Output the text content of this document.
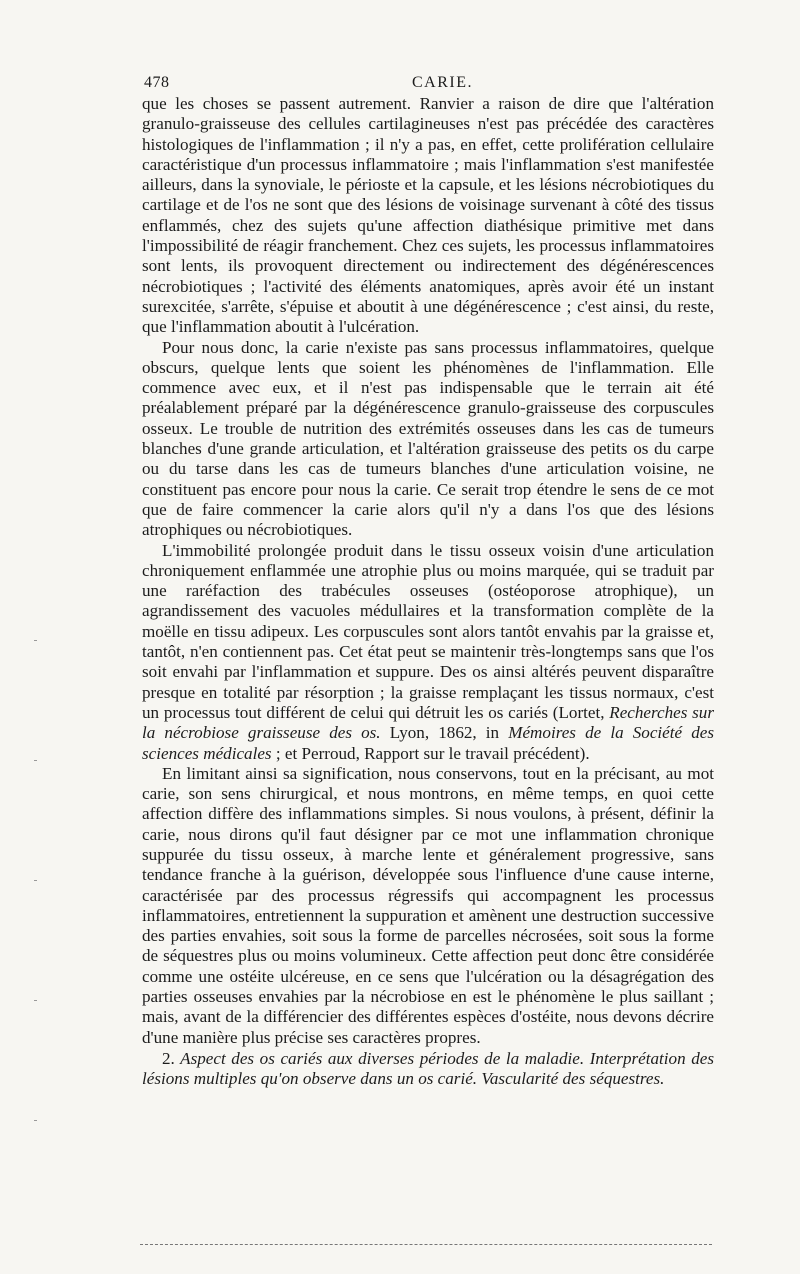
478	CARIE.

que les choses se passent autrement. Ranvier a raison de dire que l'altération granulo-graisseuse des cellules cartilagineuses n'est pas précédée des caractères histologiques de l'inflammation ; il n'y a pas, en effet, cette prolifération cellulaire caractéristique d'un processus inflammatoire ; mais l'inflammation s'est manifestée ailleurs, dans la synoviale, le périoste et la capsule, et les lésions nécrobiotiques du cartilage et de l'os ne sont que des lésions de voisinage survenant à côté des tissus enflammés, chez des sujets qu'une affection diathésique primitive met dans l'impossibilité de réagir franchement. Chez ces sujets, les processus inflammatoires sont lents, ils provoquent directement ou indirectement des dégénérescences nécrobiotiques ; l'activité des éléments anatomiques, après avoir été un instant surexcitée, s'arrête, s'épuise et aboutit à une dégénérescence ; c'est ainsi, du reste, que l'inflammation aboutit à l'ulcération.

Pour nous donc, la carie n'existe pas sans processus inflammatoires, quelque obscurs, quelque lents que soient les phénomènes de l'inflammation. Elle commence avec eux, et il n'est pas indispensable que le terrain ait été préalablement préparé par la dégénérescence granulo-graisseuse des corpuscules osseux. Le trouble de nutrition des extrémités osseuses dans les cas de tumeurs blanches d'une grande articulation, et l'altération graisseuse des petits os du carpe ou du tarse dans les cas de tumeurs blanches d'une articulation voisine, ne constituent pas encore pour nous la carie. Ce serait trop étendre le sens de ce mot que de faire commencer la carie alors qu'il n'y a dans l'os que des lésions atrophiques ou nécrobiotiques.

L'immobilité prolongée produit dans le tissu osseux voisin d'une articulation chroniquement enflammée une atrophie plus ou moins marquée, qui se traduit par une raréfaction des trabécules osseuses (ostéoporose atrophique), un agrandissement des vacuoles médullaires et la transformation complète de la moëlle en tissu adipeux. Les corpuscules sont alors tantôt envahis par la graisse et, tantôt, n'en contiennent pas. Cet état peut se maintenir très-longtemps sans que l'os soit envahi par l'inflammation et suppure. Des os ainsi altérés peuvent disparaître presque en totalité par résorption ; la graisse remplaçant les tissus normaux, c'est un processus tout différent de celui qui détruit les os cariés (Lortet, Recherches sur la nécrobiose graisseuse des os. Lyon, 1862, in Mémoires de la Société des sciences médicales ; et Perroud, Rapport sur le travail précédent).

En limitant ainsi sa signification, nous conservons, tout en la précisant, au mot carie, son sens chirurgical, et nous montrons, en même temps, en quoi cette affection diffère des inflammations simples. Si nous voulons, à présent, définir la carie, nous dirons qu'il faut désigner par ce mot une inflammation chronique suppurée du tissu osseux, à marche lente et généralement progressive, sans tendance franche à la guérison, développée sous l'influence d'une cause interne, caractérisée par des processus régressifs qui accompagnent les processus inflammatoires, entretiennent la suppuration et amènent une destruction successive des parties envahies, soit sous la forme de parcelles nécrosées, soit sous la forme de séquestres plus ou moins volumineux. Cette affection peut donc être considérée comme une ostéite ulcéreuse, en ce sens que l'ulcération ou la désagrégation des parties osseuses envahies par la nécrobiose en est le phénomène le plus saillant ; mais, avant de la différencier des différentes espèces d'ostéite, nous devons décrire d'une manière plus précise ses caractères propres.

2. Aspect des os cariés aux diverses périodes de la maladie. Interprétation des lésions multiples qu'on observe dans un os carié. Vascularité des séquestres.
